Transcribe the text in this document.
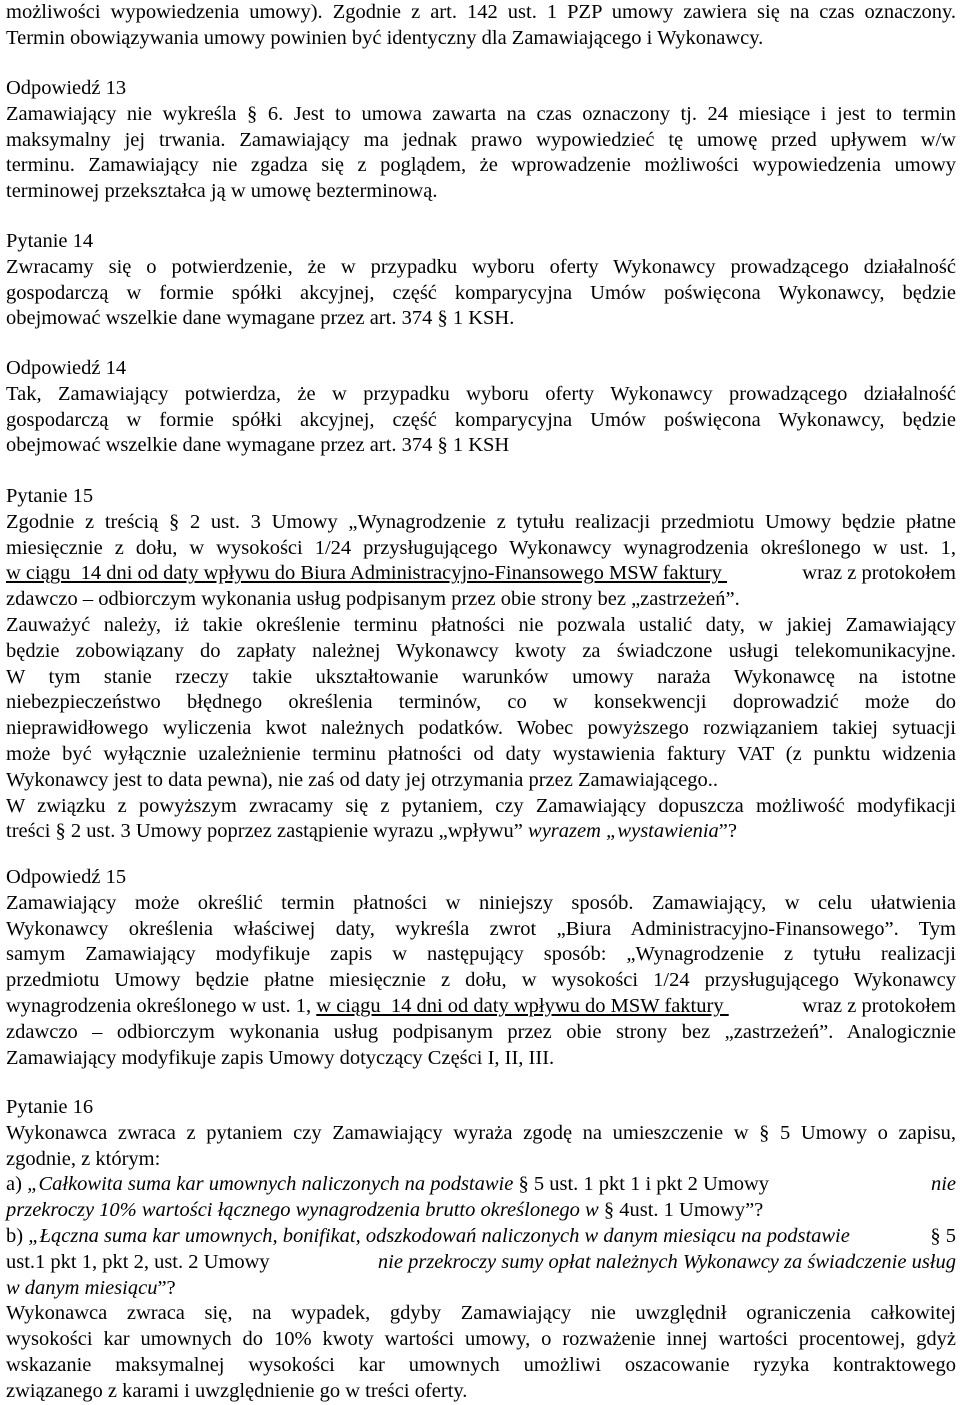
możliwości wypowiedzenia umowy). Zgodnie z art. 142 ust. 1 PZP umowy zawiera się na czas oznaczony.
Termin obowiązywania umowy powinien być identyczny dla Zamawiającego i Wykonawcy.
Odpowiedź 13
Zamawiający nie wykreśla § 6. Jest to umowa zawarta na czas oznaczony tj. 24 miesiące i jest to termin
maksymalny jej trwania. Zamawiający ma jednak prawo wypowiedzieć tę umowę przed upływem w/w
terminu. Zamawiający nie zgadza się z poglądem, że wprowadzenie możliwości wypowiedzenia umowy
terminowej przekształca ją w umowę bezterminową.
Pytanie 14
Zwracamy się o potwierdzenie, że w przypadku wyboru oferty Wykonawcy prowadzącego działalność
gospodarczą w formie spółki akcyjnej, część komparycyjna Umów poświęcona Wykonawcy, będzie
obejmować wszelkie dane wymagane przez art. 374 § 1 KSH.
Odpowiedź 14
Tak, Zamawiający potwierdza, że w przypadku wyboru oferty Wykonawcy prowadzącego działalność
gospodarczą w formie spółki akcyjnej, część komparycyjna Umów poświęcona Wykonawcy, będzie
obejmować wszelkie dane wymagane przez art. 374 § 1 KSH
Pytanie 15
Zgodnie z treścią § 2 ust. 3 Umowy „Wynagrodzenie z tytułu realizacji przedmiotu Umowy będzie płatne
miesięcznie z dołu, w wysokości 1/24 przysługującego Wykonawcy wynagrodzenia określonego w ust. 1,
w ciągu  14 dni od daty wpływu do Biura Administracyjno-Finansowego MSW faktury	wraz z protokołem
zdawczo – odbiorczym wykonania usług podpisanym przez obie strony bez „zastrzeżeń”.
Zauważyć należy, iż takie określenie terminu płatności nie pozwala ustalić daty, w jakiej Zamawiający
będzie zobowiązany do zapłaty należnej Wykonawcy kwoty za świadczone usługi telekomunikacyjne.
W tym stanie rzeczy takie ukształtowanie warunków umowy naraża Wykonawcę na istotne
niebezpieczeństwo błędnego określenia terminów, co w konsekwencji doprowadzić może do
nieprawidłowego wyliczenia kwot należnych podatków. Wobec powyższego rozwiązaniem takiej sytuacji
może być wyłącznie uzależnienie terminu płatności od daty wystawienia faktury VAT (z punktu widzenia
Wykonawcy jest to data pewna), nie zaś od daty jej otrzymania przez Zamawiającego..
W związku z powyższym zwracamy się z pytaniem, czy Zamawiający dopuszcza możliwość modyfikacji
treści § 2 ust. 3 Umowy poprzez zastąpienie wyrazu „wpływu” wyrazem „wystawienia”?
Odpowiedź 15
Zamawiający może określić termin płatności w niniejszy sposób. Zamawiający, w celu ułatwienia
Wykonawcy określenia właściwej daty, wykreśla zwrot „Biura Administracyjno-Finansowego”. Tym
samym Zamawiający modyfikuje zapis w następujący sposób: „Wynagrodzenie z tytułu realizacji
przedmiotu Umowy będzie płatne miesięcznie z dołu, w wysokości 1/24 przysługującego Wykonawcy
wynagrodzenia określonego w ust. 1, w ciągu  14 dni od daty wpływu do MSW faktury	wraz z protokołem
zdawczo – odbiorczym wykonania usług podpisanym przez obie strony bez „zastrzeżeń”. Analogicznie
Zamawiający modyfikuje zapis Umowy dotyczący Części I, II, III.
Pytanie 16
Wykonawca zwraca z pytaniem czy Zamawiający wyraża zgodę na umieszczenie w § 5 Umowy o zapisu,
zgodnie, z którym:
a) „Całkowita suma kar umownych naliczonych na podstawie § 5 ust. 1 pkt 1 i pkt 2 Umowy	nie
przekroczy 10% wartości łącznego wynagrodzenia brutto określonego w § 4ust. 1 Umowy”?
b) „Łączna suma kar umownych, bonifikat, odszkodowań naliczonych w danym miesiącu na podstawie	§ 5
ust.1 pkt 1, pkt 2, ust. 2 Umowy	nie przekroczy sumy opłat należnych Wykonawcy za świadczenie usług
w danym miesiącu”?
Wykonawca zwraca się, na wypadek, gdyby Zamawiający nie uwzględnił ograniczenia całkowitej
wysokości kar umownych do 10% kwoty wartości umowy, o rozważenie innej wartości procentowej, gdyż
wskazanie maksymalnej wysokości kar umownych umożliwi oszacowanie ryzyka kontraktowego
związanego z karami i uwzględnienie go w treści oferty.
